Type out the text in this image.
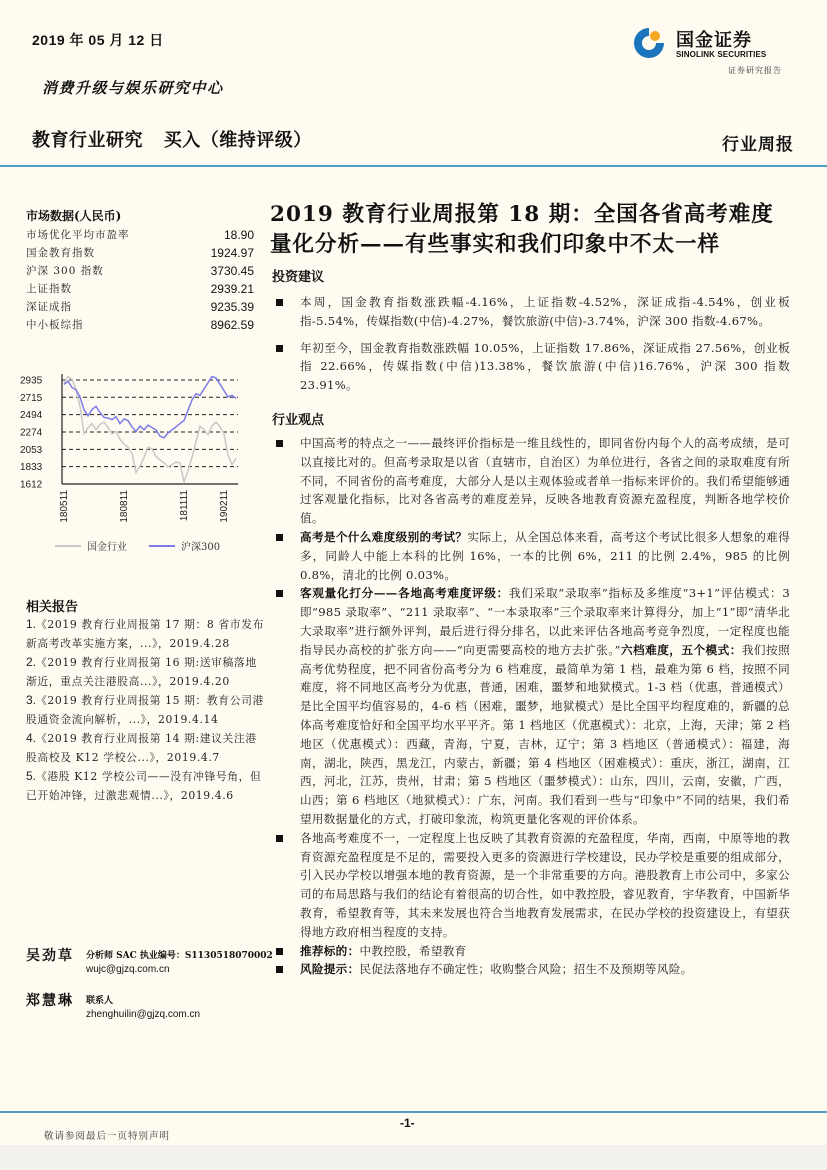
2019 年 05 月 12 日
消费升级与娱乐研究中心
国金证券
SINOLINK SECURITIES
证券研究报告
教育行业研究 买入（维持评级）	行业周报
市场数据(人民币)
市场优化平均市盈率	18.90
国金教育指数	1924.97
沪深 300 指数	3730.45
上证指数	2939.21
深证成指	9235.39
中小板综指	8962.59
2935
2715
2494
2274
2053
1833
1612
180511	180811	181111	190211
国金行业	沪深300
相关报告

1.《2019 教育行业周报第 17 期：8 省市发布新高考改革实施方案，...》，2019.4.28

2.《2019 教育行业周报第 16 期:送审稿落地渐近，重点关注港股高...》，2019.4.20

3.《2019 教育行业周报第 15 期：教育公司港股通资金流向解析，...》，2019.4.14

4.《2019 教育行业周报第 14 期:建议关注港股高校及 K12 学校公...》，2019.4.7

5.《港股 K12 学校公司——没有冲锋号角，但已开始冲锋，过激悲观情...》，2019.4.6

吴劲草 分析师 SAC 执业编号：S1130518070002
wujc@gjzq.com.cn
郑慧琳 联系人
zhenghuilin@gjzq.com.cn
2019 教育行业周报第 18 期：全国各省高考难度量化分析——有些事实和我们印象中不太一样
投资建议
本周，国金教育指数涨跌幅-4.16%，上证指数-4.52%，深证成指-4.54%，创业板指-5.54%，传媒指数(中信)-4.27%，餐饮旅游(中信)-3.74%，沪深 300 指数-4.67%。
年初至今，国金教育指数涨跌幅 10.05%，上证指数 17.86%，深证成指 27.56%，创业板指 22.66%，传媒指数(中信)13.38%，餐饮旅游(中信)16.76%，沪深 300 指数 23.91%。
行业观点
中国高考的特点之一——最终评价指标是一维且线性的，即同省份内每个人的高考成绩，是可以直接比对的。但高考录取是以省（直辖市，自治区）为单位进行，各省之间的录取难度有所不同，不同省份的高考难度，大部分人是以主观体验或者单一指标来评价的。我们希望能够通过客观量化指标，比对各省高考的难度差异，反映各地教育资源充盈程度，判断各地学校价值。
高考是个什么难度级别的考试？实际上，从全国总体来看，高考这个考试比很多人想象的难得多，同龄人中能上本科的比例 16%，一本的比例 6%，211 的比例 2.4%，985 的比例 0.8%，清北的比例 0.03%。
客观量化打分——各地高考难度评级：我们采取“录取率”指标及多维度“3+1”评估模式：3 即“985 录取率”、“211 录取率”、“一本录取率”三个录取率来计算得分，加上“1”即“清华北大录取率”进行额外评判，最后进行得分排名，以此来评估各地高考竞争烈度，一定程度也能指导民办高校的扩张方向——“向更需要高校的地方去扩张。”六档难度，五个模式：我们按照高考优势程度，把不同省份高考分为 6 档难度，最简单为第 1 档，最难为第 6 档，按照不同难度，将不同地区高考分为优惠，普通，困难，噩梦和地狱模式。1-3 档（优惠，普通模式）是比全国平均值容易的，4-6 档（困难，噩梦，地狱模式）是比全国平均程度难的，新疆的总体高考难度恰好和全国平均水平平齐。第 1 档地区（优惠模式）：北京，上海，天津；第 2 档地区（优惠模式）：西藏，青海，宁夏，吉林，辽宁；第 3 档地区（普通模式）：福建，海南，湖北，陕西，黑龙江，内蒙古，新疆；第 4 档地区（困难模式）：重庆，浙江，湖南，江西，河北，江苏，贵州，甘肃；第 5 档地区（噩梦模式）：山东，四川，云南，安徽，广西，山西；第 6 档地区（地狱模式）：广东，河南。我们看到一些与“印象中”不同的结果，我们希望用数据量化的方式，打破印象流，构筑更量化客观的评价体系。
各地高考难度不一，一定程度上也反映了其教育资源的充盈程度，华南，西南，中原等地的教育资源充盈程度是不足的，需要投入更多的资源进行学校建设，民办学校是重要的组成部分，引入民办学校以增强本地的教育资源，是一个非常重要的方向。港股教育上市公司中，多家公司的布局思路与我们的结论有着很高的切合性，如中教控股，睿见教育，宇华教育，中国新华教育，希望教育等，其未来发展也符合当地教育发展需求，在民办学校的投资建设上，有望获得地方政府相当程度的支持。
推荐标的：中教控股，希望教育
风险提示：民促法落地存不确定性；收购整合风险；招生不及预期等风险。
-1-
敬请参阅最后一页特别声明
